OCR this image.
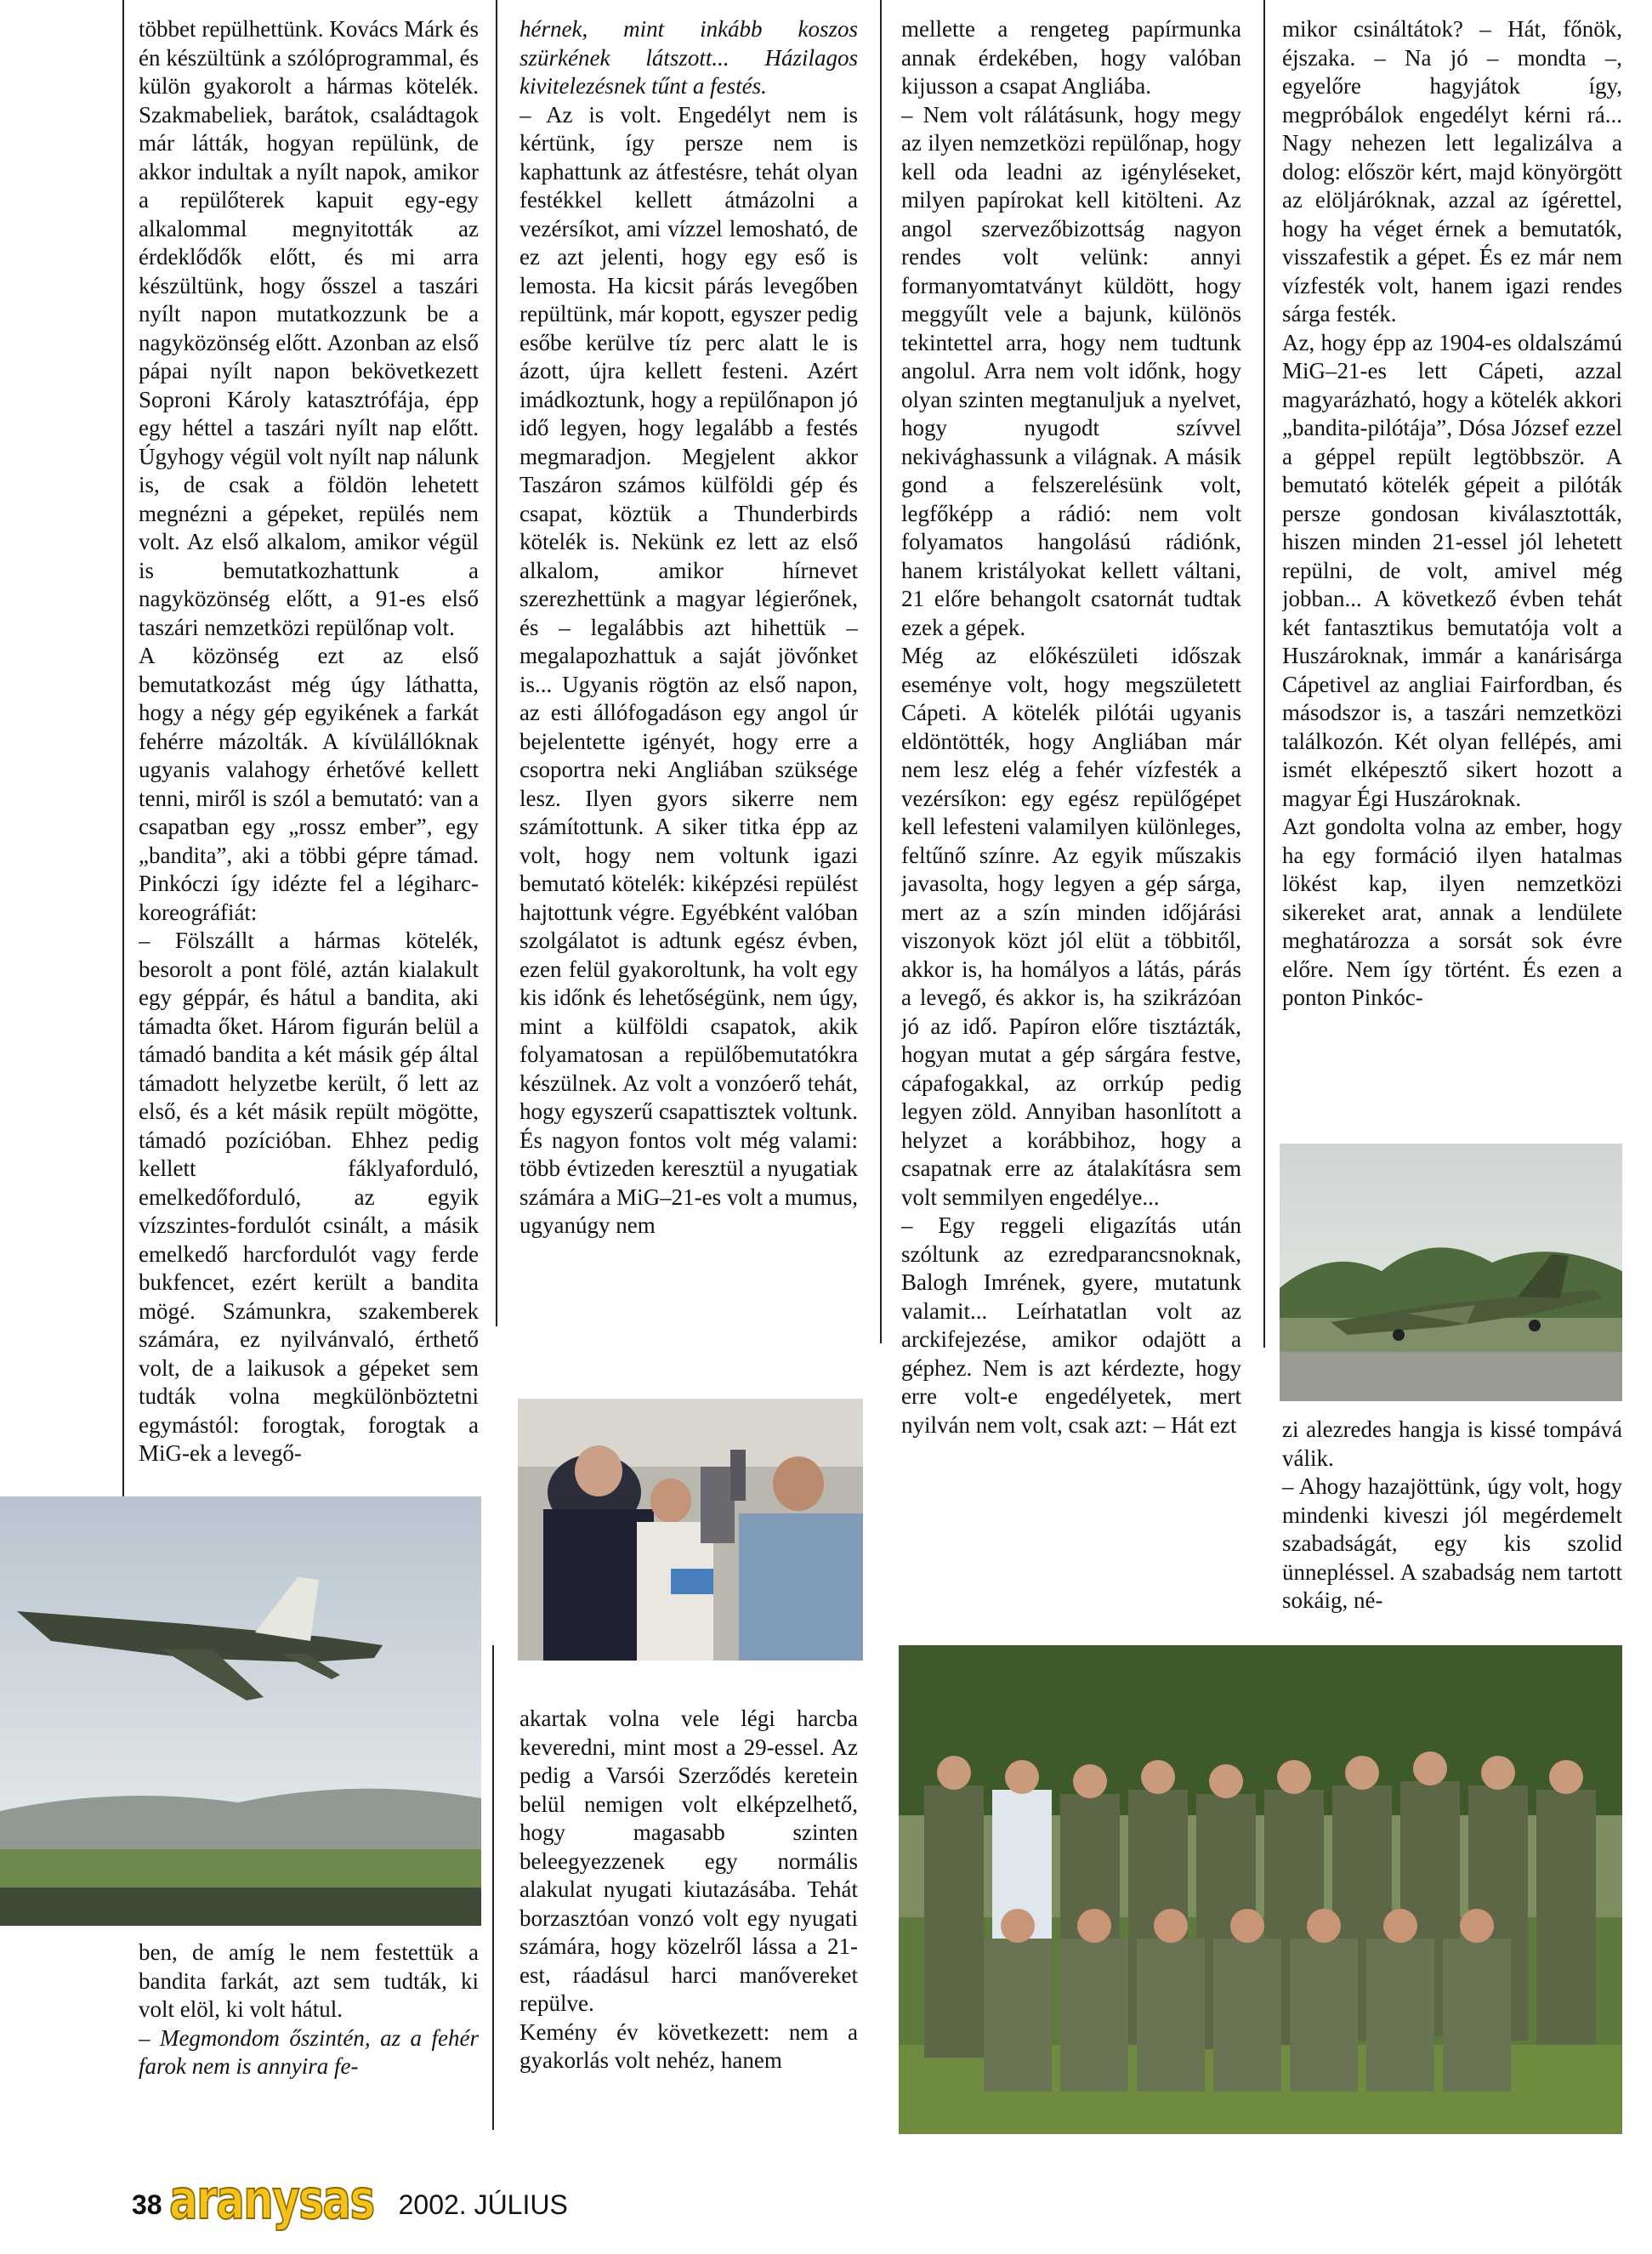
többet repülhettünk. Kovács Márk és én készültünk a szólóprogrammal, és külön gyakorolt a hármas kötelék. Szakmabeliek, barátok, családtagok már látták, hogyan repülünk, de akkor indultak a nyílt napok, amikor a repülőterek kapuit egy-egy alkalommal megnyitották az érdeklődők előtt, és mi arra készültünk, hogy ősszel a taszári nyílt napon mutatkozzunk be a nagyközönség előtt. Azonban az első pápai nyílt napon bekövetkezett Soproni Károly katasztrófája, épp egy héttel a taszári nyílt nap előtt. Úgyhogy végül volt nyílt nap nálunk is, de csak a földön lehetett megnézni a gépeket, repülés nem volt. Az első alkalom, amikor végül is bemutatkozhattunk a nagyközönség előtt, a 91-es első taszári nemzetközi repülőnap volt.

A közönség ezt az első bemutatkozást még úgy láthatta, hogy a négy gép egyikének a farkát fehérre mázolták. A kívülállóknak ugyanis valahogy érhetővé kellett tenni, miről is szól a bemutató: van a csapatban egy „rossz ember”, egy „bandita”, aki a többi gépre támad. Pinkóczi így idézte fel a légiharc-koreográfiát:

– Fölszállt a hármas kötelék, besorolt a pont fölé, aztán kialakult egy géppár, és hátul a bandita, aki támadta őket. Három figurán belül a támadó bandita a két másik gép által támadott helyzetbe került, ő lett az első, és a két másik repült mögötte, támadó pozícióban. Ehhez pedig kellett fáklyaforduló, emelkedőforduló, az egyik vízszintes-fordulót csinált, a másik emelkedő harcfordulót vagy ferde bukfencet, ezért került a bandita mögé. Számunkra, szakemberek számára, ez nyilvánvaló, érthető volt, de a laikusok a gépeket sem tudták volna megkülönböztetni egymástól: forogtak, forogtak a MiG-ek a levegő-

ben, de amíg le nem festettük a bandita farkát, azt sem tudták, ki volt elöl, ki volt hátul.

– Megmondom őszintén, az a fehér farok nem is annyira fe-

hérnek, mint inkább koszos szürkének látszott... Házilagos kivitelezésnek tűnt a festés.

– Az is volt. Engedélyt nem is kértünk, így persze nem is kaphattunk az átfestésre, tehát olyan festékkel kellett átmázolni a vezérsíkot, ami vízzel lemosható, de ez azt jelenti, hogy egy eső is lemosta. Ha kicsit párás levegőben repültünk, már kopott, egyszer pedig esőbe kerülve tíz perc alatt le is ázott, újra kellett festeni. Azért imádkoztunk, hogy a repülőnapon jó idő legyen, hogy legalább a festés megmaradjon. Megjelent akkor Taszáron számos külföldi gép és csapat, köztük a Thunderbirds kötelék is. Nekünk ez lett az első alkalom, amikor hírnevet szerezhettünk a magyar légierőnek, és – legalábbis azt hihettük – megalapozhattuk a saját jövőnket is... Ugyanis rögtön az első napon, az esti állófogadáson egy angol úr bejelentette igényét, hogy erre a csoportra neki Angliában szüksége lesz. Ilyen gyors sikerre nem számítottunk. A siker titka épp az volt, hogy nem voltunk igazi bemutató kötelék: kiképzési repülést hajtottunk végre. Egyébként valóban szolgálatot is adtunk egész évben, ezen felül gyakoroltunk, ha volt egy kis időnk és lehetőségünk, nem úgy, mint a külföldi csapatok, akik folyamatosan a repülőbemutatókra készülnek. Az volt a vonzóerő tehát, hogy egyszerű csapattisztek voltunk. És nagyon fontos volt még valami: több évtizeden keresztül a nyugatiak számára a MiG–21-es volt a mumus, ugyanúgy nem

akartak volna vele légi harcba keveredni, mint most a 29-essel. Az pedig a Varsói Szerződés keretein belül nemigen volt elképzelhető, hogy magasabb szinten beleegyezzenek egy normális alakulat nyugati kiutazásába. Tehát borzasztóan vonzó volt egy nyugati számára, hogy közelről lássa a 21-est, ráadásul harci manővereket repülve.

Kemény év következett: nem a gyakorlás volt nehéz, hanem

mellette a rengeteg papírmunka annak érdekében, hogy valóban kijusson a csapat Angliába.

– Nem volt rálátásunk, hogy megy az ilyen nemzetközi repülőnap, hogy kell oda leadni az igényléseket, milyen papírokat kell kitölteni. Az angol szervezőbizottság nagyon rendes volt velünk: annyi formanyomtatványt küldött, hogy meggyűlt vele a bajunk, különös tekintettel arra, hogy nem tudtunk angolul. Arra nem volt időnk, hogy olyan szinten megtanuljuk a nyelvet, hogy nyugodt szívvel nekivághassunk a világnak. A másik gond a felszerelésünk volt, legfőképp a rádió: nem volt folyamatos hangolású rádiónk, hanem kristályokat kellett váltani, 21 előre behangolt csatornát tudtak ezek a gépek.

Még az előkészületi időszak eseménye volt, hogy megszületett Cápeti. A kötelék pilótái ugyanis eldöntötték, hogy Angliában már nem lesz elég a fehér vízfesték a vezérsíkon: egy egész repülőgépet kell lefesteni valamilyen különleges, feltűnő színre. Az egyik műszakis javasolta, hogy legyen a gép sárga, mert az a szín minden időjárási viszonyok közt jól elüt a többitől, akkor is, ha homályos a látás, párás a levegő, és akkor is, ha szikrázóan jó az idő. Papíron előre tisztázták, hogyan mutat a gép sárgára festve, cápafogakkal, az orrkúp pedig legyen zöld. Annyiban hasonlított a helyzet a korábbihoz, hogy a csapatnak erre az átalakításra sem volt semmilyen engedélye...

– Egy reggeli eligazítás után szóltunk az ezredparancsnoknak, Balogh Imrének, gyere, mutatunk valamit... Leírhatatlan volt az arckifejezése, amikor odajött a géphez. Nem is azt kérdezte, hogy erre volt-e engedélyetek, mert nyilván nem volt, csak azt: – Hát ezt

mikor csináltátok? – Hát, főnök, éjszaka. – Na jó – mondta –, egyelőre hagyjátok így, megpróbálok engedélyt kérni rá... Nagy nehezen lett legalizálva a dolog: először kért, majd könyörgött az elöljáróknak, azzal az ígérettel, hogy ha véget érnek a bemutatók, visszafestik a gépet. És ez már nem vízfesték volt, hanem igazi rendes sárga festék.

Az, hogy épp az 1904-es oldalszámú MiG–21-es lett Cápeti, azzal magyarázható, hogy a kötelék akkori „bandita-pilótája”, Dósa József ezzel a géppel repült legtöbbször. A bemutató kötelék gépeit a pilóták persze gondosan kiválasztották, hiszen minden 21-essel jól lehetett repülni, de volt, amivel még jobban... A következő évben tehát két fantasztikus bemutatója volt a Huszároknak, immár a kanárisárga Cápetivel az angliai Fairfordban, és másodszor is, a taszári nemzetközi találkozón. Két olyan fellépés, ami ismét elképesztő sikert hozott a magyar Égi Huszároknak.

Azt gondolta volna az ember, hogy ha egy formáció ilyen hatalmas lökést kap, ilyen nemzetközi sikereket arat, annak a lendülete meghatározza a sorsát sok évre előre. Nem így történt. És ezen a ponton Pinkóc-

zi alezredes hangja is kissé tompává válik.

– Ahogy hazajöttünk, úgy volt, hogy mindenki kiveszi jól megérdemelt szabadságát, egy kis szolid ünnepléssel. A szabadság nem tartott sokáig, né-

38 aranysas 2002. JÚLIUS
